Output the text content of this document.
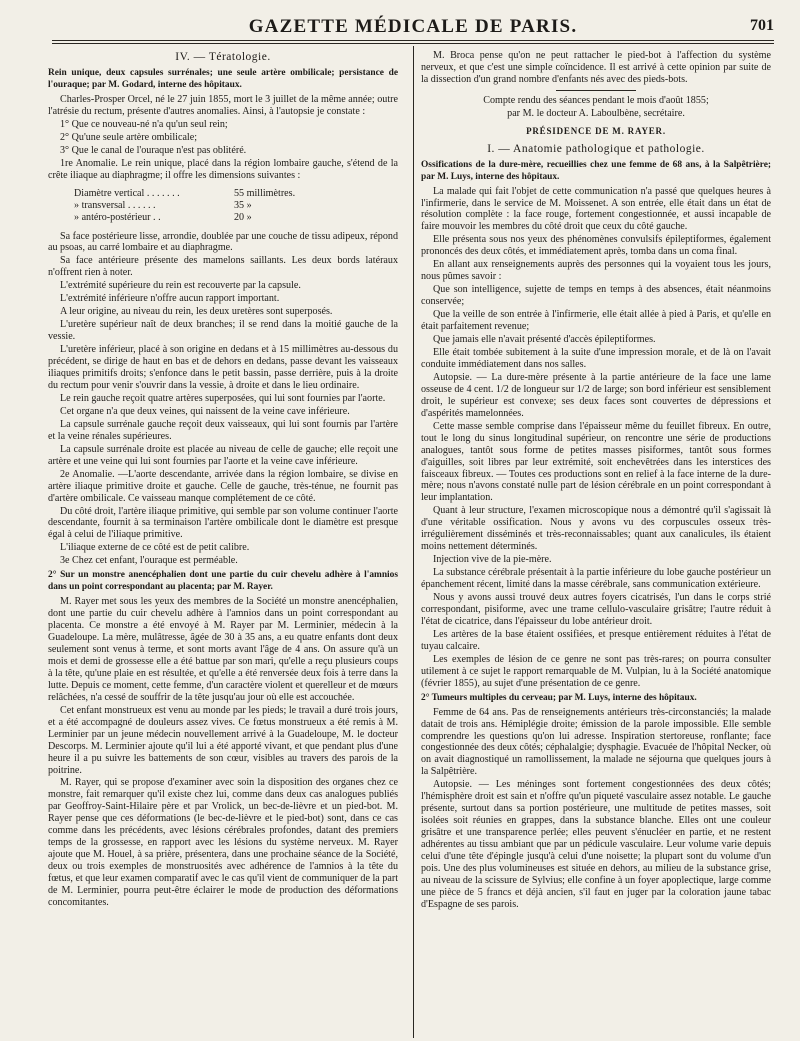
GAZETTE MÉDICALE DE PARIS.	701

IV. — Tératologie.

Rein unique, deux capsules surrénales; une seule artère ombilicale; persistance de l'ouraque; par M. Godard, interne des hôpitaux.

Charles-Prosper Orcel, né le 27 juin 1855, mort le 3 juillet de la même année; outre l'atrésie du rectum, présente d'autres anomalies. Ainsi, à l'autopsie je constate :

1° Que ce nouveau-né n'a qu'un seul rein;

2° Qu'une seule artère ombilicale;

3° Que le canal de l'ouraque n'est pas oblitéré.

1re Anomalie. Le rein unique, placé dans la région lombaire gauche, s'étend de la crête iliaque au diaphragme; il offre les dimensions suivantes :

Diamètre vertical . . . . . . .	55 millimètres.
» transversal . . . . . .	35 »
» antéro-postérieur . .	20 »

Sa face postérieure lisse, arrondie, doublée par une couche de tissu adipeux, répond au psoas, au carré lombaire et au diaphragme.

Sa face antérieure présente des mamelons saillants. Les deux bords latéraux n'offrent rien à noter.

L'extrémité supérieure du rein est recouverte par la capsule.

L'extrémité inférieure n'offre aucun rapport important.

A leur origine, au niveau du rein, les deux uretères sont superposés.

L'uretère supérieur naît de deux branches; il se rend dans la moitié gauche de la vessie.

L'uretère inférieur, placé à son origine en dedans et à 15 millimètres au-dessous du précédent, se dirige de haut en bas et de dehors en dedans, passe devant les vaisseaux iliaques primitifs droits; s'enfonce dans le petit bassin, passe derrière, puis à la droite du rectum pour venir s'ouvrir dans la vessie, à droite et dans le lieu ordinaire.

Le rein gauche reçoit quatre artères superposées, qui lui sont fournies par l'aorte.

Cet organe n'a que deux veines, qui naissent de la veine cave inférieure.

La capsule surrénale gauche reçoit deux vaisseaux, qui lui sont fournis par l'artère et la veine rénales supérieures.

La capsule surrénale droite est placée au niveau de celle de gauche; elle reçoit une artère et une veine qui lui sont fournies par l'aorte et la veine cave inférieure.

2e Anomalie. —L'aorte descendante, arrivée dans la région lombaire, se divise en artère iliaque primitive droite et gauche. Celle de gauche, très-ténue, ne fournit pas d'artère ombilicale. Ce vaisseau manque complétement de ce côté.

Du côté droit, l'artère iliaque primitive, qui semble par son volume continuer l'aorte descendante, fournit à sa terminaison l'artère ombilicale dont le diamètre est presque égal à celui de l'iliaque primitive.

L'iliaque externe de ce côté est de petit calibre.

3e Chez cet enfant, l'ouraque est perméable.

2° Sur un monstre anencéphalien dont une partie du cuir chevelu adhère à l'amnios dans un point correspondant au placenta; par M. Rayer.

M. Rayer met sous les yeux des membres de la Société un monstre anencéphalien, dont une partie du cuir chevelu adhère à l'amnios dans un point correspondant au placenta. Ce monstre a été envoyé à M. Rayer par M. Lerminier, médecin à la Guadeloupe. La mère, mulâtresse, âgée de 30 à 35 ans, a eu quatre enfants dont deux seulement sont venus à terme, et sont morts avant l'âge de 4 ans. On assure qu'à un mois et demi de grossesse elle a été battue par son mari, qu'elle a reçu plusieurs coups à la tête, qu'une plaie en est résultée, et qu'elle a été renversée deux fois à terre dans la lutte. Depuis ce moment, cette femme, d'un caractère violent et querelleur et de mœurs relâchées, n'a cessé de souffrir de la tête jusqu'au jour où elle est accouchée.

Cet enfant monstrueux est venu au monde par les pieds; le travail a duré trois jours, et a été accompagné de douleurs assez vives. Ce fœtus monstrueux a été remis à M. Lerminier par un jeune médecin nouvellement arrivé à la Guadeloupe, M. le docteur Descorps. M. Lerminier ajoute qu'il lui a été apporté vivant, et que pendant plus d'une heure il a pu suivre les battements de son cœur, visibles au travers des parois de la poitrine.

M. Rayer, qui se propose d'examiner avec soin la disposition des organes chez ce monstre, fait remarquer qu'il existe chez lui, comme dans deux cas analogues publiés par Geoffroy-Saint-Hilaire père et par Vrolick, un bec-de-lièvre et un pied-bot. M. Rayer pense que ces déformations (le bec-de-lièvre et le pied-bot) sont, dans ce cas comme dans les précédents, avec lésions cérébrales profondes, datant des premiers temps de la grossesse, en rapport avec les lésions du système nerveux. M. Rayer ajoute que M. Houel, à sa prière, présentera, dans une prochaine séance de la Société, deux ou trois exemples de monstruosités avec adhérence de l'amnios à la tête du fœtus, et que leur examen comparatif avec le cas qu'il vient de communiquer de la part de M. Lerminier, pourra peut-être éclairer le mode de production des déformations concomitantes.

M. Broca pense qu'on ne peut rattacher le pied-bot à l'affection du système nerveux, et que c'est une simple coïncidence. Il est arrivé à cette opinion par suite de la dissection d'un grand nombre d'enfants nés avec des pieds-bots.

Compte rendu des séances pendant le mois d'août 1855;

par M. le docteur A. Laboulbène, secrétaire.

PRÉSIDENCE DE M. RAYER.

I. — Anatomie pathologique et pathologie.

Ossifications de la dure-mère, recueillies chez une femme de 68 ans, à la Salpêtrière; par M. Luys, interne des hôpitaux.

La malade qui fait l'objet de cette communication n'a passé que quelques heures à l'infirmerie, dans le service de M. Moissenet. A son entrée, elle était dans un état de résolution complète : la face rouge, fortement congestionnée, et aussi incapable de faire mouvoir les membres du côté droit que ceux du côté gauche.

Elle présenta sous nos yeux des phénomènes convulsifs épileptiformes, également prononcés des deux côtés, et immédiatement après, tomba dans un coma final.

En allant aux renseignements auprès des personnes qui la voyaient tous les jours, nous pûmes savoir :

Que son intelligence, sujette de temps en temps à des absences, était néanmoins conservée;

Que la veille de son entrée à l'infirmerie, elle était allée à pied à Paris, et qu'elle en était parfaitement revenue;

Que jamais elle n'avait présenté d'accès épileptiformes.

Elle était tombée subitement à la suite d'une impression morale, et de là on l'avait conduite immédiatement dans nos salles.

Autopsie. — La dure-mère présente à la partie antérieure de la face une lame osseuse de 4 cent. 1/2 de longueur sur 1/2 de large; son bord inférieur est sensiblement droit, le supérieur est convexe; ses deux faces sont couvertes de dépressions et d'aspérités mamelonnées.

Cette masse semble comprise dans l'épaisseur même du feuillet fibreux. En outre, tout le long du sinus longitudinal supérieur, on rencontre une série de productions analogues, tantôt sous forme de petites masses pisiformes, tantôt sous formes d'aiguilles, soit libres par leur extrémité, soit enchevêtrées dans les interstices des faisceaux fibreux. — Toutes ces productions sont en relief à la face interne de la dure-mère; nous n'avons constaté nulle part de lésion cérébrale en un point correspondant à leur implantation.

Quant à leur structure, l'examen microscopique nous a démontré qu'il s'agissait là d'une véritable ossification. Nous y avons vu des corpuscules osseux très-irrégulièrement disséminés et très-reconnaissables; quant aux canalicules, ils étaient moins nettement déterminés.

Injection vive de la pie-mère.

La substance cérébrale présentait à la partie inférieure du lobe gauche postérieur un épanchement récent, limité dans la masse cérébrale, sans communication extérieure.

Nous y avons aussi trouvé deux autres foyers cicatrisés, l'un dans le corps strié correspondant, pisiforme, avec une trame cellulo-vasculaire grisâtre; l'autre réduit à l'état de cicatrice, dans l'épaisseur du lobe antérieur droit.

Les artères de la base étaient ossifiées, et presque entièrement réduites à l'état de tuyau calcaire.

Les exemples de lésion de ce genre ne sont pas très-rares; on pourra consulter utilement à ce sujet le rapport remarquable de M. Vulpian, lu à la Société anatomique (février 1855), au sujet d'une présentation de ce genre.

2° Tumeurs multiples du cerveau; par M. Luys, interne des hôpitaux.

Femme de 64 ans. Pas de renseignements antérieurs très-circonstanciés; la malade datait de trois ans. Hémiplégie droite; émission de la parole impossible. Elle semble comprendre les questions qu'on lui adresse. Inspiration stertoreuse, ronflante; face congestionnée des deux côtés; céphalalgie; dysphagie. Evacuée de l'hôpital Necker, où on avait diagnostiqué un ramollissement, la malade ne séjourna que quelques jours à la Salpêtrière.

Autopsie. — Les méninges sont fortement congestionnées des deux côtés; l'hémisphère droit est sain et n'offre qu'un piqueté vasculaire assez notable. Le gauche présente, surtout dans sa portion postérieure, une multitude de petites masses, soit isolées soit réunies en grappes, dans la substance blanche. Elles ont une couleur grisâtre et une transparence perlée; elles peuvent s'énucléer en partie, et ne restent adhérentes au tissu ambiant que par un pédicule vasculaire. Leur volume varie depuis celui d'une tête d'épingle jusqu'à celui d'une noisette; la plupart sont du volume d'un pois. Une des plus volumineuses est située en dehors, au milieu de la substance grise, au niveau de la scissure de Sylvius; elle confine à un foyer apoplectique, large comme une pièce de 5 francs et déjà ancien, s'il faut en juger par la coloration jaune tabac d'Espagne de ses parois.
